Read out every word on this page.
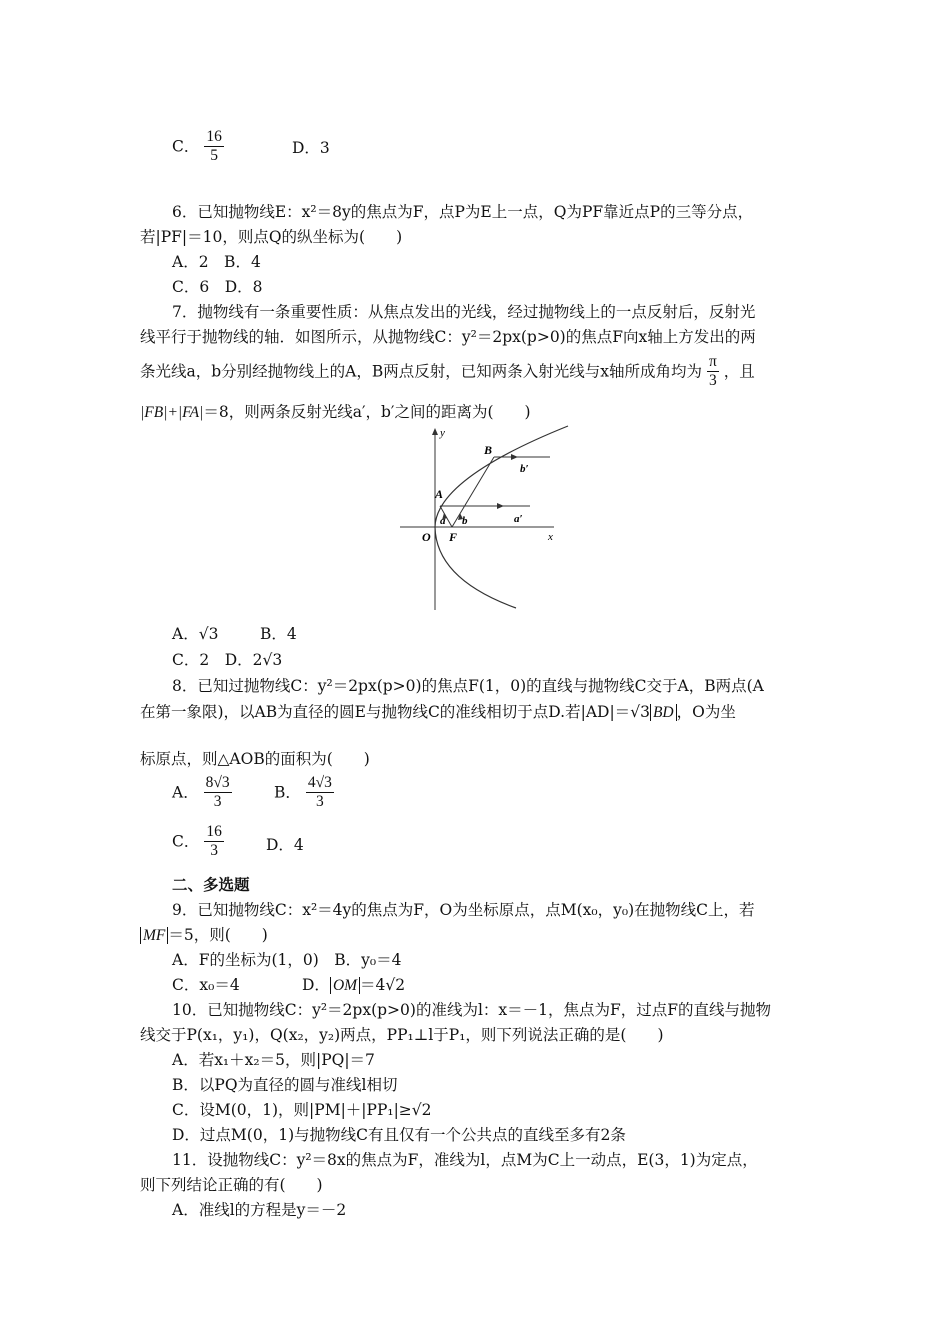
C． $\frac{16}{5}$	D．3
6．已知抛物线E：x²＝8y的焦点为F，点P为E上一点，Q为PF靠近点P的三等分点，
若|PF|＝10，则点Q的纵坐标为(　　)
A．2　B．4
C．6　D．8
7．抛物线有一条重要性质：从焦点发出的光线，经过抛物线上的一点反射后，反射光
线平行于抛物线的轴．如图所示，从抛物线C：y²＝2px(p>0)的焦点F向x轴上方发出的两
条光线a，b分别经抛物线上的A，B两点反射，已知两条入射光线与x轴所成角均为 $\frac{\pi}{3}$ ，且
|FB|+|FA|＝8，则两条反射光线a′，b′之间的距离为(　　)
y
x
O F
A
B
a b	a′
b′
A．√3	B．4
C．2　D．2√3
8．已知过抛物线C：y²＝2px(p>0)的焦点F(1，0)的直线与抛物线C交于A，B两点(A
在第一象限)，以AB为直径的圆E与抛物线C的准线相切于点D.若|AD|＝√3 BD ，O为坐
标原点，则△AOB的面积为(　　)
A． $\frac{8√3}{3}$	B． $\frac{4√3}{3}$
C． $\frac{16}{3}$	D．4
二、多选题
9．已知抛物线C：x²＝4y的焦点为F，O为坐标原点，点M(x₀，y₀)在抛物线C上，若
MF ＝5，则(　　)
A．F的坐标为(1，0)　B．y₀＝4
C．x₀＝4	D． OM ＝4√2
10．已知抛物线C：y²＝2px(p>0)的准线为l：x＝－1，焦点为F，过点F的直线与抛物
线交于P(x₁，y₁)，Q(x₂，y₂)两点，PP₁⊥l于P₁，则下列说法正确的是(　　)
A．若x₁＋x₂＝5，则|PQ|＝7
B．以PQ为直径的圆与准线l相切
C．设M(0，1)，则|PM|＋|PP₁|≥√2
D．过点M(0，1)与抛物线C有且仅有一个公共点的直线至多有2条
11．设抛物线C：y²＝8x的焦点为F，准线为l，点M为C上一动点，E(3，1)为定点，
则下列结论正确的有(　　)
A．准线l的方程是y＝－2
